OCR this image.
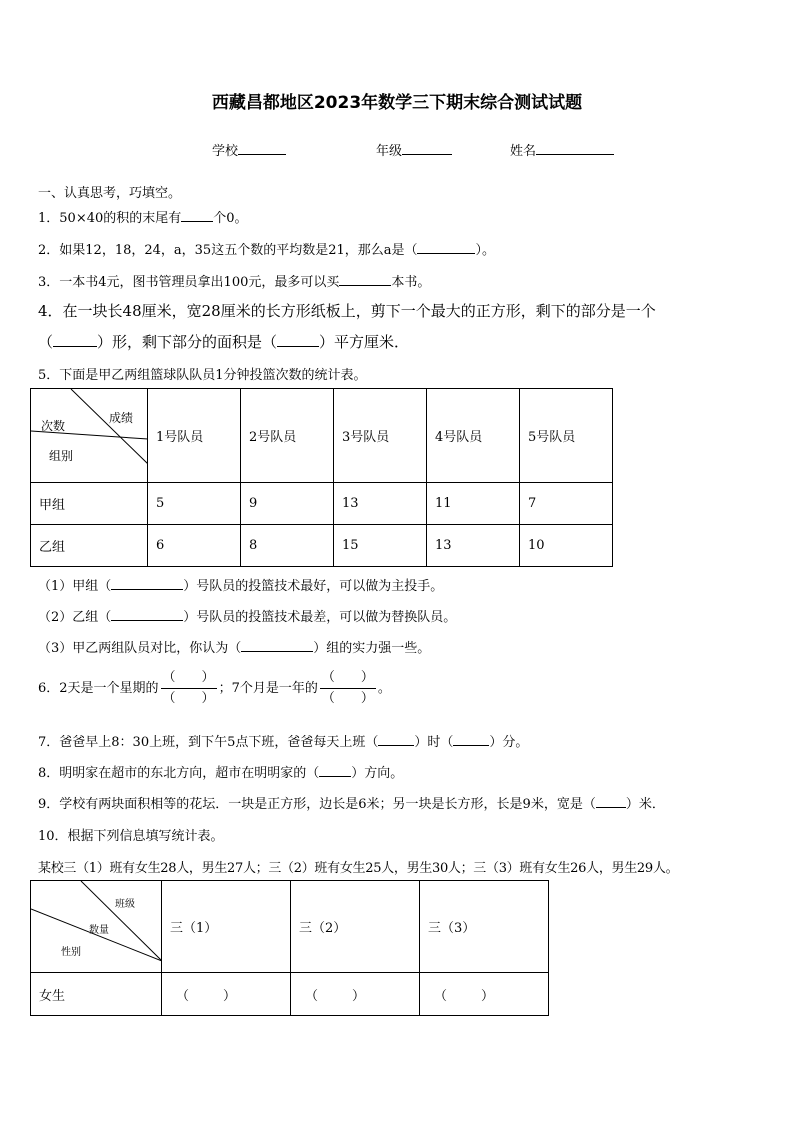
西藏昌都地区2023年数学三下期末综合测试试题
学校	年级	姓名
一、认真思考，巧填空。
1．50×40的积的末尾有 个0。
2．如果12，18，24，a，35这五个数的平均数是21，那么a是（	）。
3．一本书4元，图书管理员拿出100元，最多可以买	本书。
4．在一块长48厘米，宽28厘米的长方形纸板上，剪下一个最大的正方形，剩下的部分是一个
（	）形，剩下部分的面积是（	）平方厘米．
5．下面是甲乙两组篮球队队员1分钟投篮次数的统计表。
成绩
次数
组别	1号队员	2号队员	3号队员	4号队员	5号队员
甲组	5	9	13	11	7
乙组	6	8	15	13	10
（1）甲组（	）号队员的投篮技术最好，可以做为主投手。
（2）乙组（	）号队员的投篮技术最差，可以做为替换队员。
（3）甲乙两组队员对比，你认为（	）组的实力强一些。
6．2天是一个星期的 $\frac{( )}{( )}$ ；7个月是一年的 $\frac{( )}{( )}$ 。
7．爸爸早上8：30上班，到下午5点下班，爸爸每天上班（	）时（	）分。
8．明明家在超市的东北方向，超市在明明家的（ ）方向。
9．学校有两块面积相等的花坛．一块是正方形，边长是6米；另一块是长方形，长是9米，宽是（ ）米．
10．根据下列信息填写统计表。
某校三（1）班有女生28人，男生27人；三（2）班有女生25人，男生30人；三（3）班有女生26人，男生29人。
班级
数量
性别	三（1）	三（2）	三（3）
女生	（ ）	（ ）	（ ）
